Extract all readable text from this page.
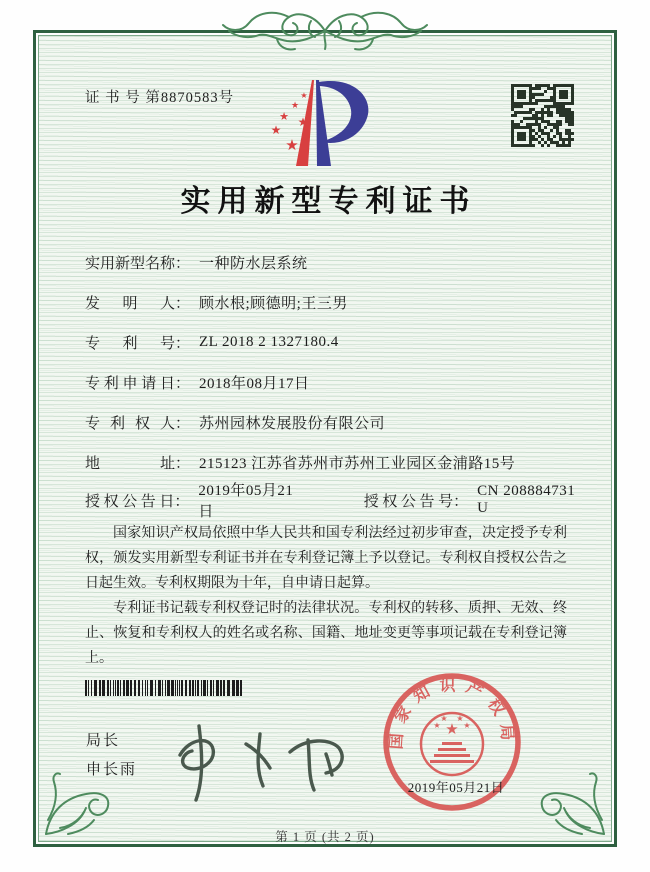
证 书 号 第8870583号	★
★
★ ★
★
★
实用新型专利证书
实用新型名称 ： 一种防水层系统
发明人 ： 顾水根;顾德明;王三男
专利号 ： ZL 2018 2 1327180.4
专利申请日 ： 2018年08月17日
专利权人 ： 苏州园林发展股份有限公司
地址 ： 215123 江苏省苏州市苏州工业园区金浦路15号
授权公告日 ：
2019年05月21日
授权公告号 ：
CN 208884731 U

国家知识产权局依照中华人民共和国专利法经过初步审查，决定授予专利权，颁发实用新型专利证书并在专利登记簿上予以登记。专利权自授权公告之日起生效。专利权期限为十年，自申请日起算。

专利证书记载专利权登记时的法律状况。专利权的转移、质押、无效、终止、恢复和专利权人的姓名或名称、国籍、地址变更等事项记载在专利登记簿上。

局长
申长雨
国家知识产权局
★
★
★ ★
★
2019年05月21日
第 1 页 (共 2 页)
